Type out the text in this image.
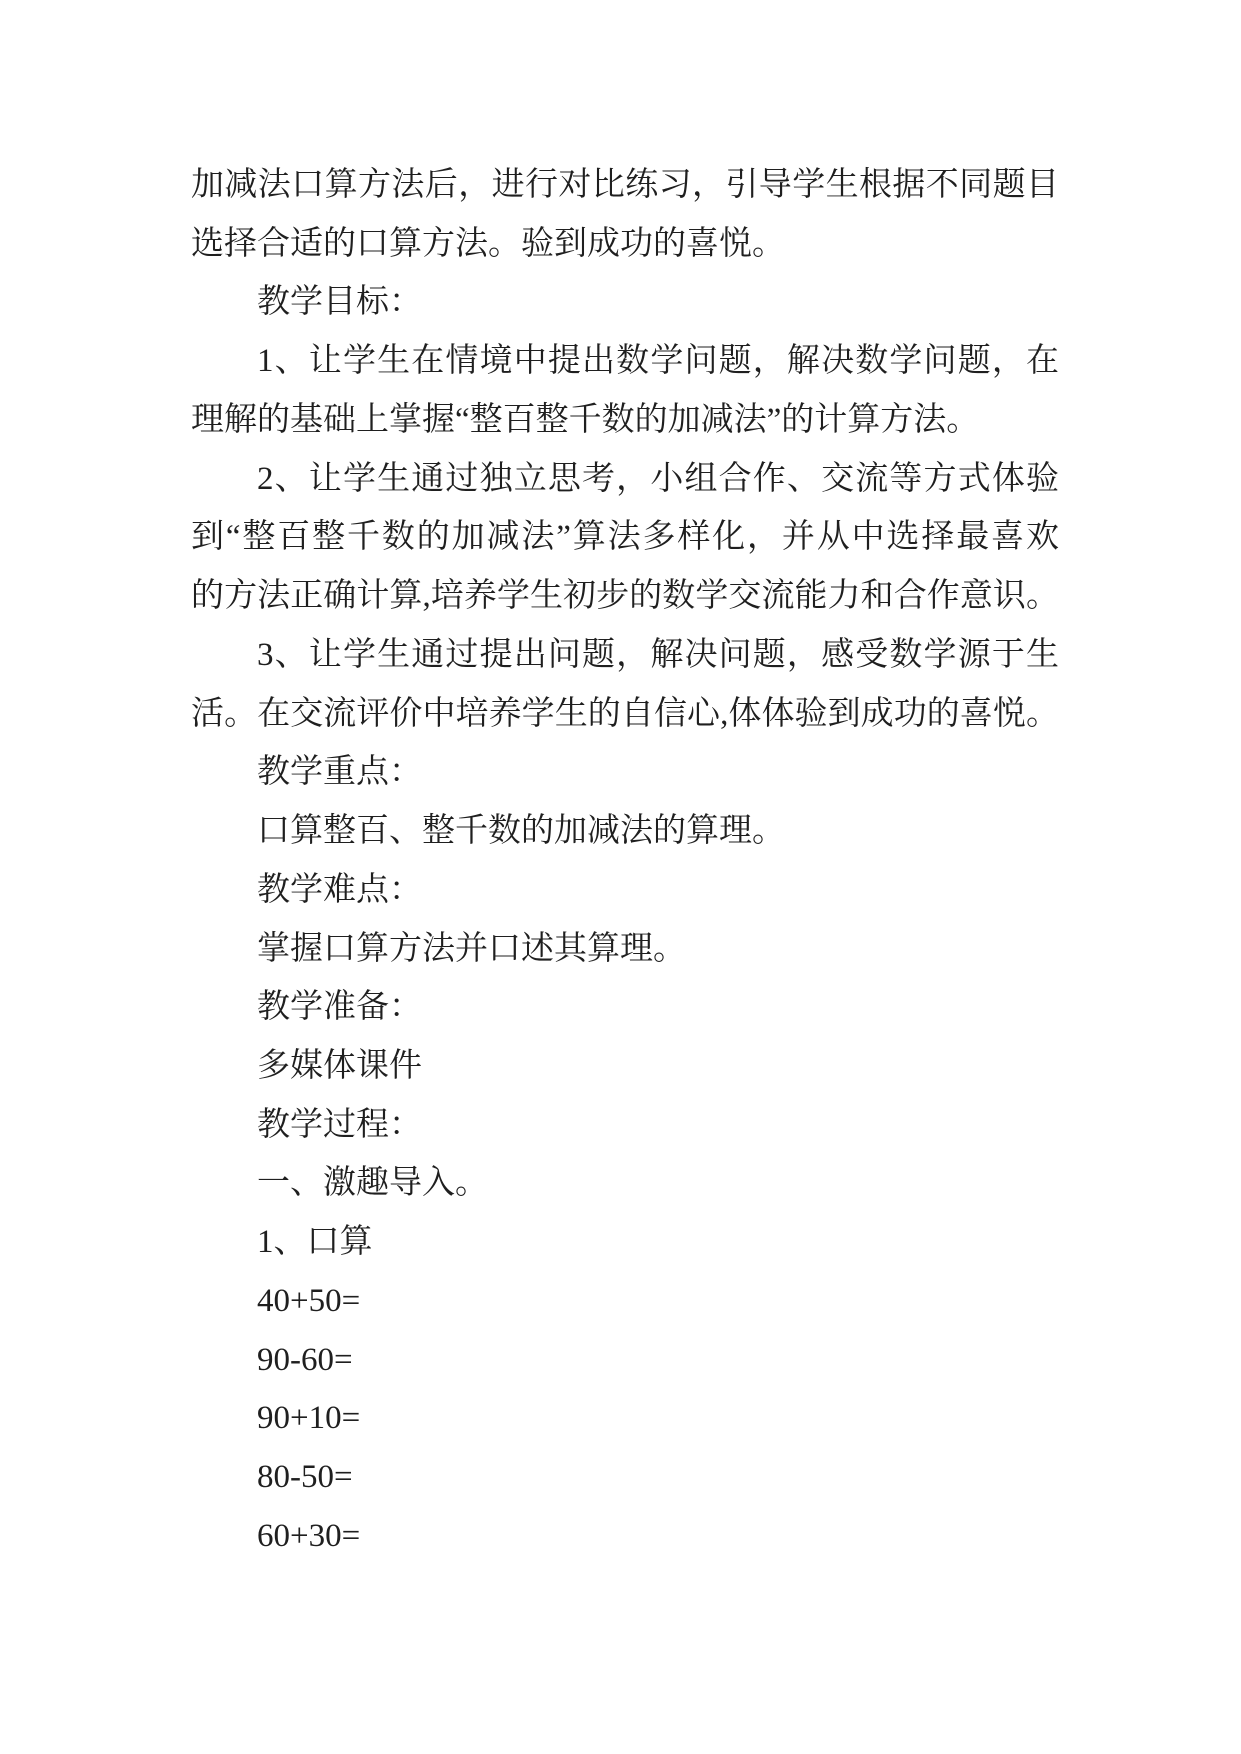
加减法口算方法后，进行对比练习，引导学生根据不同题目
选择合适的口算方法。验到成功的喜悦。
教学目标：
1、让学生在情境中提出数学问题，解决数学问题，在
理解的基础上掌握“整百整千数的加减法”的计算方法。
2、让学生通过独立思考，小组合作、交流等方式体验
到“整百整千数的加减法”算法多样化，并从中选择最喜欢
的方法正确计算,培养学生初步的数学交流能力和合作意识。
3、让学生通过提出问题，解决问题，感受数学源于生
活。在交流评价中培养学生的自信心,体体验到成功的喜悦。
教学重点：
口算整百、整千数的加减法的算理。
教学难点：
掌握口算方法并口述其算理。
教学准备：
多媒体课件
教学过程：
一、激趣导入。
1、口算
40+50=
90-60=
90+10=
80-50=
60+30=
